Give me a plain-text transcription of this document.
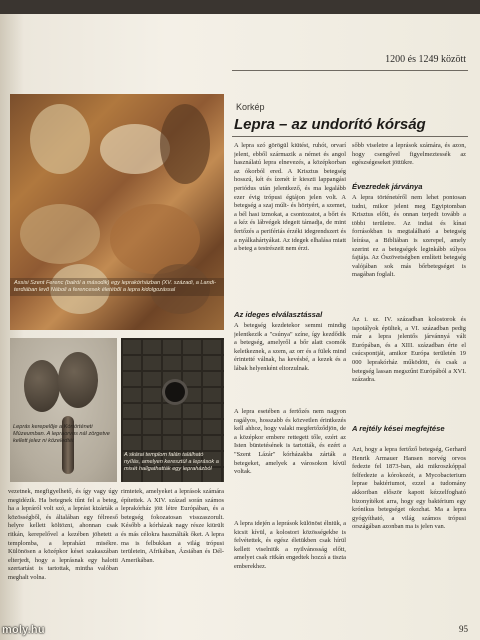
1200 és 1249 között
Assisi Szent Ferenc (balról a második) egy leprakórházban (XV. századi, a Landi-terdiában levő Náboli a ferencesek életéből a lepra kidolgozással
Leprás kerepelője a Kórtörténeti Múzeumban. A lepraorvos nál zörgetve kellett jelez ni közeledtét
A skárai templom falán található nyílás, amelyen keresztül a leprások a misét hallgathatták egy lepraházból

vezetnek, megfigyelhető, és így vagy úgy megidézik. Ha betegnek tűnt fel a beteg, ha a lepráról volt szó, a leprást kizárták a közösségből, és általában egy félreeső helyre kellett költözni, ahonnan csak ritkán, kerepelővel a kezében jöhetett a templomba, a lepraházi misékre. Különösen a középkor kései szakaszában elterjedt, hogy a leprásnak egy halotti szertartást is tartottak, mintha valóban meghalt volna.

rimtetek, amelyeket a leprások számára építettek. A XIV. század során számos leprakórház jött létre Európában, és a betegség fokozatosan visszaszorult. Később a kórházak nagy része kiürült és más célokra használták őket. A lepra ma is felbukkan a világ trópusi területein, Afrikában, Ázsiában és Dél-Amerikában.

Korkép
Lepra – az undorító kórság

A lepra szó görögül kiütést, ruhót, orvarí jelent, ebből származik a német és angol használatú lepra elnevezés, a középkorban az ókorból ered. A Krisztus betegség hosszú, két és ízenét ír kieszti lappangási periódus után jelentkező, és ma legalább ezer évig trópusi égtájon jelen volt. A betegség a szaj múlt- és hörtyért, a szemet, a bél hasi izmokat, a csontozatot, a bőrt és a kéz és lábvégek idegeit támadja, de mint fertőzés a perifériás érzéki idegrendszert és a nyálkahártyákat. Az idegek elhalása miatt a beteg a testrészeit nem érzi.

Az ideges elválasztással

A betegség kezdetekor semmi mindig jelentkezik a "csúnya" színe, így kezdődik a betegség, amelyről a bőr alatt csomók keletkeznek, a szem, az orr és a fülek mind érintetté válnak, ha kevésbé, a kezek és a lábak helyenként eltorzulnak.

A lepra esetében a fertőzés nem nagyon ragályos, hosszabb és közvetlen érintkezés kell ahhoz, hogy valaki megfertőződjön, de a középkor embere rettegett tőle, ezért az Isten büntetésének is tartották, és ezért a "Szent Lázár" kórházakba zárták a betegeket, amelyek a városokon kívül voltak.

A lepra idején a leprások különöst élniük, a kicsit kívül, a kolostori közösségekbe is felvétettek, és egész életükben csak hírül kellett viselniük a nyilvánosság előtt, amelyet csak ritkán engedtek hozzá a tiszta emberekhez.

sőbb viseletre a leprások számára, és azon, hogy csengővel figyelmeztessék az egészségeseket jöttükre.

Évezredek járványa

A lepra történetéről nem lehet pontosan tudni, mikor jelent meg Egyiptomban Krisztus előtt, és onnan terjedt tovább a többi területre. Az indiai és kínai forrásokban is megtalálható a betegség leírása, a Bibliában is szerepel, amely szerint ez a betegségek leginkább súlyos fajtája. Az Ószövetségben említett betegség valójában sok más bőrbetegséget is magában foglalt.

Az i. sz. IV. században kolostorok és ispotályok épültek, a VI. században pedig már a lepra jelentős járvánnyá vált Európában, és a XIII. században érte el csúcspontját, amikor Európa területén 19 000 leprakórház működött, és csak a betegség lassan megszűnt Európából a XVI. századra.

A rejtély kései megfejtése

Azt, hogy a lepra fertőző betegség, Gerhard Henrik Armauer Hansen norvég orvos fedezte fel 1873-ban, aki mikroszkóppal felfedezte a kórokozót, a Mycobacterium leprae baktériumot, ezzel a tudomány akkoriban először kapott kézzelfogható bizonyítékot arra, hogy egy baktérium egy krónikus betegséget okozhat. Ma a lepra gyógyítható, a világ számos trópusi országában azonban ma is jelen van.

95
moly.hu
